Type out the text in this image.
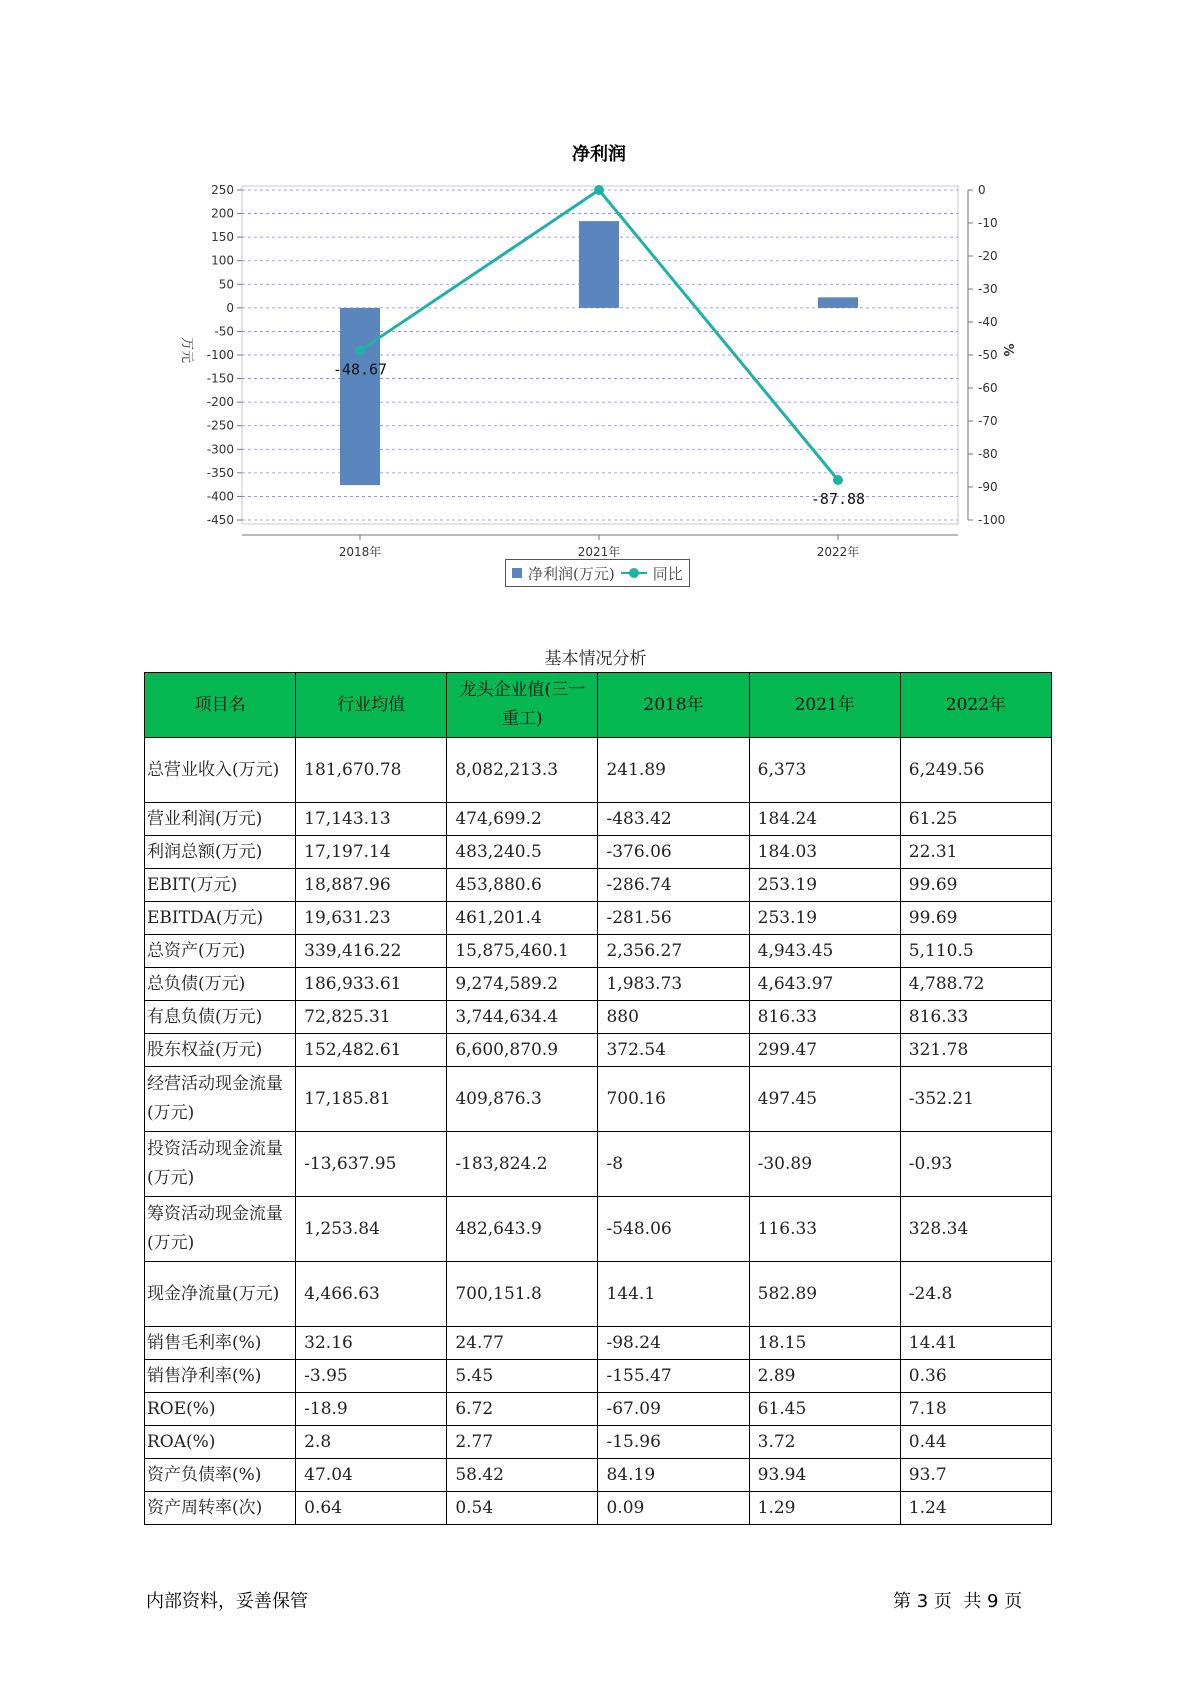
净利润
-48.67
-87.88
250
200
150
100
50
0
-50
-100
-150
-200
-250
-300
-350
-400
-450
0
-10
-20
-30
-40
-50
-60
-70
-80
-90
-100
2018年	2021年	2022年
万元	%
净利润(万元)	同比
基本情况分析
项目名	行业均值	龙头企业值(三一重工)	2018年	2021年	2022年
总营业收入(万元)	181,670.78	8,082,213.3	241.89	6,373	6,249.56
营业利润(万元)	17,143.13	474,699.2	-483.42	184.24	61.25
利润总额(万元)	17,197.14	483,240.5	-376.06	184.03	22.31
EBIT(万元)	18,887.96	453,880.6	-286.74	253.19	99.69
EBITDA(万元)	19,631.23	461,201.4	-281.56	253.19	99.69
总资产(万元)	339,416.22	15,875,460.1	2,356.27	4,943.45	5,110.5
总负债(万元)	186,933.61	9,274,589.2	1,983.73	4,643.97	4,788.72
有息负债(万元)	72,825.31	3,744,634.4	880	816.33	816.33
股东权益(万元)	152,482.61	6,600,870.9	372.54	299.47	321.78
经营活动现金流量(万元)	17,185.81	409,876.3	700.16	497.45	-352.21
投资活动现金流量(万元)	-13,637.95	-183,824.2	-8	-30.89	-0.93
筹资活动现金流量(万元)	1,253.84	482,643.9	-548.06	116.33	328.34
现金净流量(万元)	4,466.63	700,151.8	144.1	582.89	-24.8
销售毛利率(%)	32.16	24.77	-98.24	18.15	14.41
销售净利率(%)	-3.95	5.45	-155.47	2.89	0.36
ROE(%)	-18.9	6.72	-67.09	61.45	7.18
ROA(%)	2.8	2.77	-15.96	3.72	0.44
资产负债率(%)	47.04	58.42	84.19	93.94	93.7
资产周转率(次)	0.64	0.54	0.09	1.29	1.24
内部资料，妥善保管	第 3 页  共 9 页
